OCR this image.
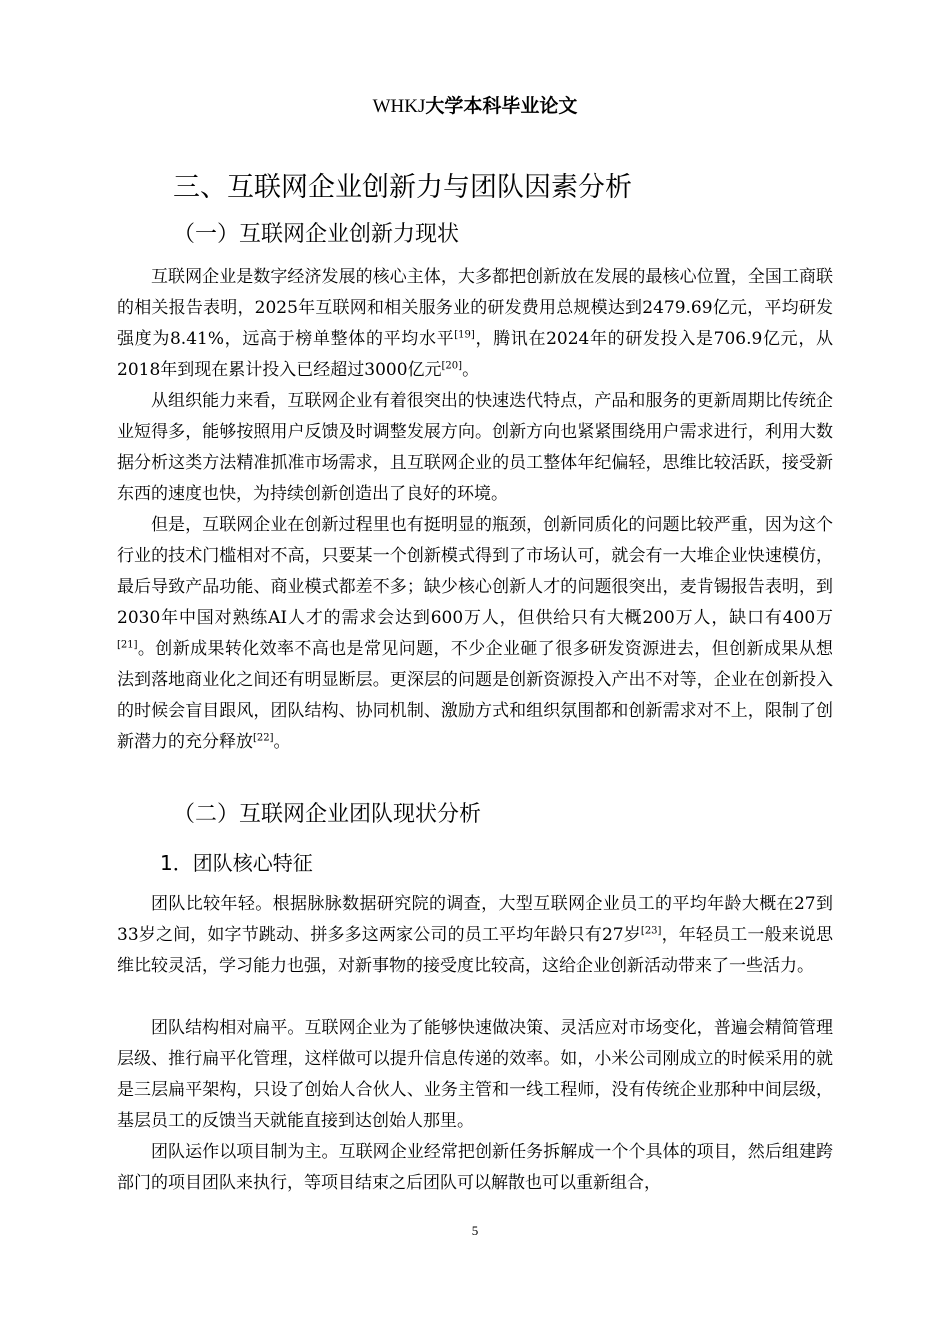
WHKJ大学本科毕业论文
三、互联网企业创新力与团队因素分析
（一）互联网企业创新力现状

互联网企业是数字经济发展的核心主体，大多都把创新放在发展的最核心位置，全国工商联的相关报告表明，2025年互联网和相关服务业的研发费用总规模达到2479.69亿元，平均研发强度为8.41%，远高于榜单整体的平均水平[19]，腾讯在2024年的研发投入是706.9亿元，从2018年到现在累计投入已经超过3000亿元[20]。

从组织能力来看，互联网企业有着很突出的快速迭代特点，产品和服务的更新周期比传统企业短得多，能够按照用户反馈及时调整发展方向。创新方向也紧紧围绕用户需求进行，利用大数据分析这类方法精准抓准市场需求，且互联网企业的员工整体年纪偏轻，思维比较活跃，接受新东西的速度也快，为持续创新创造出了良好的环境。

但是，互联网企业在创新过程里也有挺明显的瓶颈，创新同质化的问题比较严重，因为这个行业的技术门槛相对不高，只要某一个创新模式得到了市场认可，就会有一大堆企业快速模仿，最后导致产品功能、商业模式都差不多；缺少核心创新人才的问题很突出，麦肯锡报告表明，到2030年中国对熟练AI人才的需求会达到600万人，但供给只有大概200万人，缺口有400万[21]。创新成果转化效率不高也是常见问题，不少企业砸了很多研发资源进去，但创新成果从想法到落地商业化之间还有明显断层。更深层的问题是创新资源投入产出不对等，企业在创新投入的时候会盲目跟风，团队结构、协同机制、激励方式和组织氛围都和创新需求对不上，限制了创新潜力的充分释放[22]。

（二）互联网企业团队现状分析
1．团队核心特征

团队比较年轻。根据脉脉数据研究院的调查，大型互联网企业员工的平均年龄大概在27到33岁之间，如字节跳动、拼多多这两家公司的员工平均年龄只有27岁[23]，年轻员工一般来说思维比较灵活，学习能力也强，对新事物的接受度比较高，这给企业创新活动带来了一些活力。

团队结构相对扁平。互联网企业为了能够快速做决策、灵活应对市场变化，普遍会精简管理层级、推行扁平化管理，这样做可以提升信息传递的效率。如，小米公司刚成立的时候采用的就是三层扁平架构，只设了创始人合伙人、业务主管和一线工程师，没有传统企业那种中间层级，基层员工的反馈当天就能直接到达创始人那里。

团队运作以项目制为主。互联网企业经常把创新任务拆解成一个个具体的项目，然后组建跨部门的项目团队来执行，等项目结束之后团队可以解散也可以重新组合，

5
